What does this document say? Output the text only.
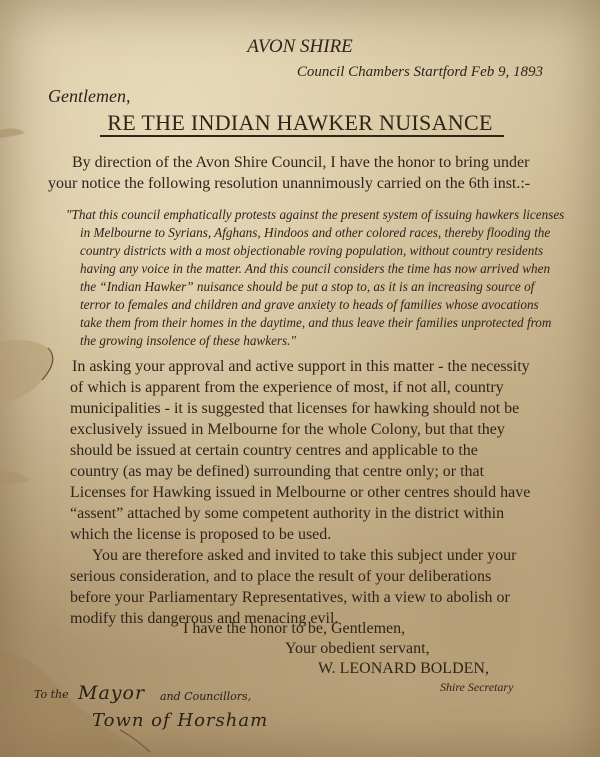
AVON SHIRE
Council Chambers Startford Feb 9, 1893
Gentlemen,
RE THE INDIAN HAWKER NUISANCE
By direction of the Avon Shire Council, I have the honor to bring under
your notice the following resolution unannimously carried on the 6th inst.:-
"That this council emphatically protests against the present system of issuing hawkers licenses
in Melbourne to Syrians, Afghans, Hindoos and other colored races, thereby flooding the
country districts with a most objectionable roving population, without country residents
having any voice in the matter. And this council considers the time has now arrived when
the “Indian Hawker” nuisance should be put a stop to, as it is an increasing source of
terror to females and children and grave anxiety to heads of families whose avocations
take them from their homes in the daytime, and thus leave their families unprotected from
the growing insolence of these hawkers."
In asking your approval and active support in this matter - the necessity
of which is apparent from the experience of most, if not all, country
municipalities - it is suggested that licenses for hawking should not be
exclusively issued in Melbourne for the whole Colony, but that they
should be issued at certain country centres and applicable to the
country (as may be defined) surrounding that centre only; or that
Licenses for Hawking issued in Melbourne or other centres should have
“assent” attached by some competent authority in the district within
which the license is proposed to be used.
You are therefore asked and invited to take this subject under your
serious consideration, and to place the result of your deliberations
before your Parliamentary Representatives, with a view to abolish or
modify this dangerous and menacing evil.
I have the honor to be, Gentlemen,
Your obedient servant,
W. LEONARD BOLDEN,
Shire Secretary
To the Mayor and Councillors,
Town of Horsham
